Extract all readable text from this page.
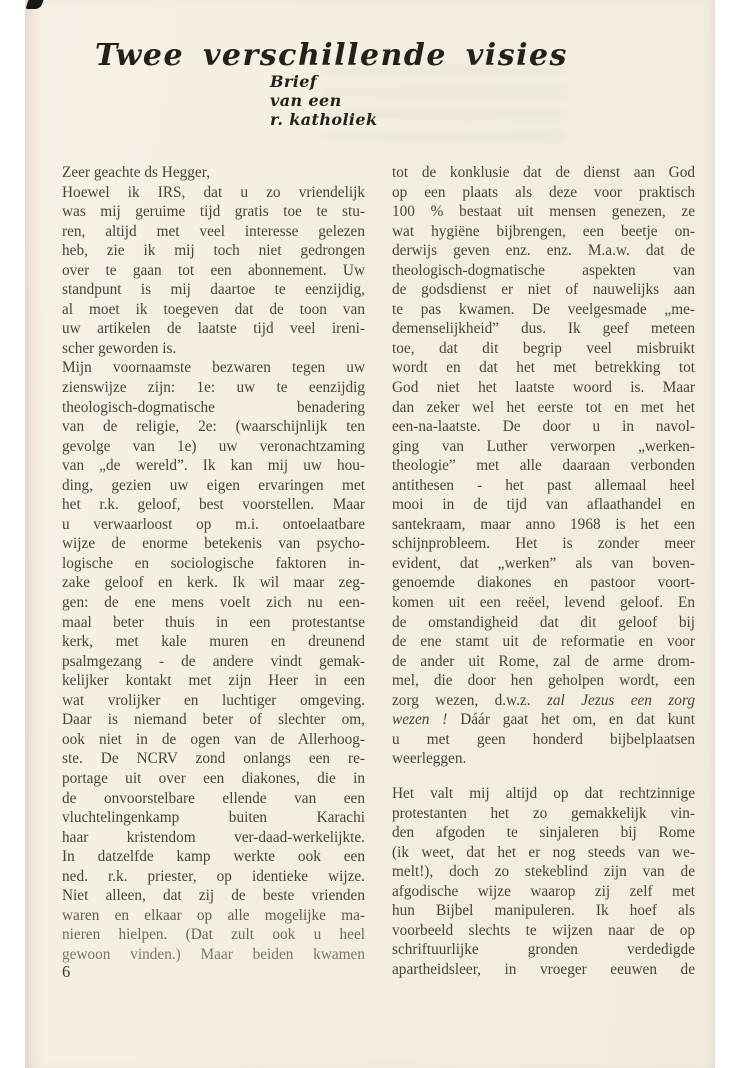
Twee verschillende visies
Brief
van een
r. katholiek
Zeer geachte ds Hegger,
Hoewel ik IRS, dat u zo vriendelijk
was mij geruime tijd gratis toe te stu-
ren, altijd met veel interesse gelezen
heb, zie ik mij toch niet gedrongen
over te gaan tot een abonnement. Uw
standpunt is mij daartoe te eenzijdig,
al moet ik toegeven dat de toon van
uw artikelen de laatste tijd veel ireni-
scher geworden is.
Mijn voornaamste bezwaren tegen uw
zienswijze zijn: 1e: uw te eenzijdig
theologisch-dogmatische benadering
van de religie, 2e: (waarschijnlijk ten
gevolge van 1e) uw veronachtzaming
van „de wereld”. Ik kan mij uw hou-
ding, gezien uw eigen ervaringen met
het r.k. geloof, best voorstellen. Maar
u verwaarloost op m.i. ontoelaatbare
wijze de enorme betekenis van psycho-
logische en sociologische faktoren in-
zake geloof en kerk. Ik wil maar zeg-
gen: de ene mens voelt zich nu een-
maal beter thuis in een protestantse
kerk, met kale muren en dreunend
psalmgezang - de andere vindt gemak-
kelijker kontakt met zijn Heer in een
wat vrolijker en luchtiger omgeving.
Daar is niemand beter of slechter om,
ook niet in de ogen van de Allerhoog-
ste. De NCRV zond onlangs een re-
portage uit over een diakones, die in
de onvoorstelbare ellende van een
vluchtelingenkamp buiten Karachi
haar kristendom ver-daad-werkelijkte.
In datzelfde kamp werkte ook een
ned. r.k. priester, op identieke wijze.
Niet alleen, dat zij de beste vrienden
waren en elkaar op alle mogelijke ma-
nieren hielpen. (Dat zult ook u heel
gewoon vinden.) Maar beiden kwamen
tot de konklusie dat de dienst aan God
op een plaats als deze voor praktisch
100 % bestaat uit mensen genezen, ze
wat hygiëne bijbrengen, een beetje on-
derwijs geven enz. enz. M.a.w. dat de
theologisch-dogmatische aspekten van
de godsdienst er niet of nauwelijks aan
te pas kwamen. De veelgesmade „me-
demenselijkheid” dus. Ik geef meteen
toe, dat dit begrip veel misbruikt
wordt en dat het met betrekking tot
God niet het laatste woord is. Maar
dan zeker wel het eerste tot en met het
een-na-laatste. De door u in navol-
ging van Luther verworpen „werken-
theologie” met alle daaraan verbonden
antithesen - het past allemaal heel
mooi in de tijd van aflaathandel en
santekraam, maar anno 1968 is het een
schijnprobleem. Het is zonder meer
evident, dat „werken” als van boven-
genoemde diakones en pastoor voort-
komen uit een reëel, levend geloof. En
de omstandigheid dat dit geloof bij
de ene stamt uit de reformatie en voor
de ander uit Rome, zal de arme drom-
mel, die door hen geholpen wordt, een
zorg wezen, d.w.z. zal Jezus een zorg
wezen ! Dáár gaat het om, en dat kunt
u met geen honderd bijbelplaatsen
weerleggen.
Het valt mij altijd op dat rechtzinnige
protestanten het zo gemakkelijk vin-
den afgoden te sinjaleren bij Rome
(ik weet, dat het er nog steeds van we-
melt!), doch zo stekeblind zijn van de
afgodische wijze waarop zij zelf met
hun Bijbel manipuleren. Ik hoef als
voorbeeld slechts te wijzen naar de op
schriftuurlijke gronden verdedigde
apartheidsleer, in vroeger eeuwen de
6
